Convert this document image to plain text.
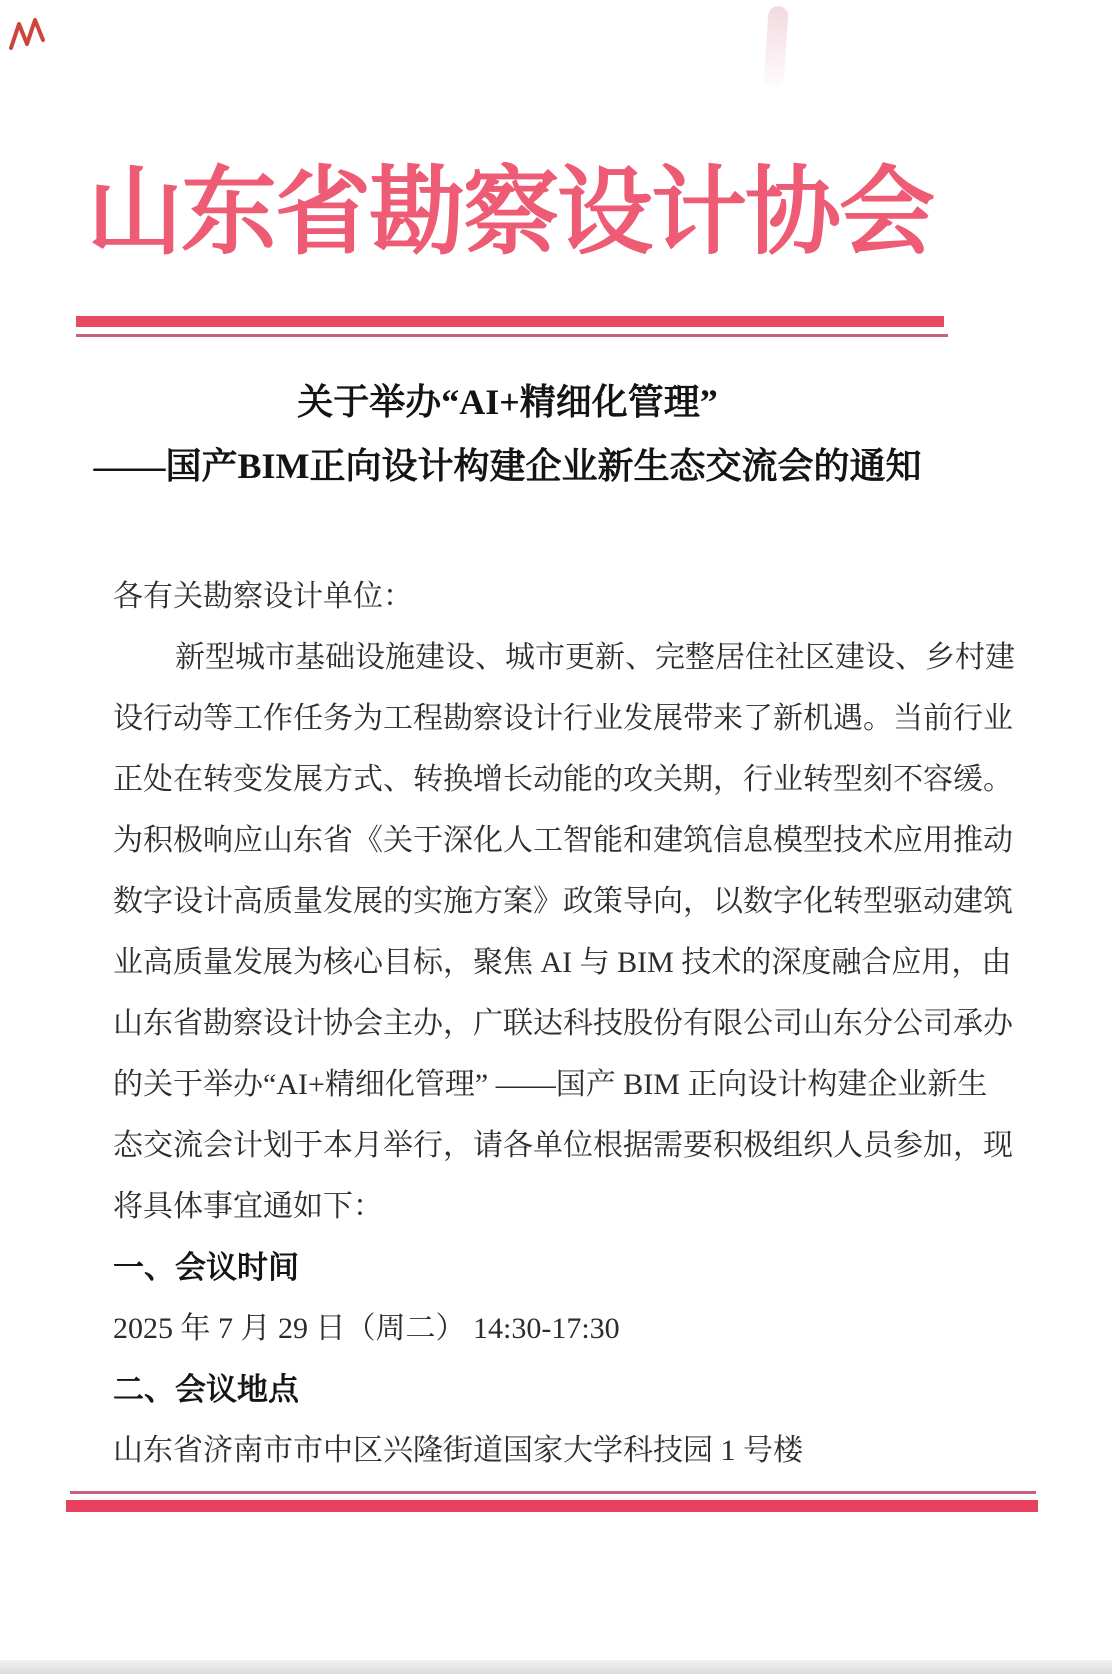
山东省勘察设计协会
关于举办“AI+精细化管理”
——国产BIM正向设计构建企业新生态交流会的通知
各有关勘察设计单位：
新型城市基础设施建设、城市更新、完整居住社区建设、乡村建
设行动等工作任务为工程勘察设计行业发展带来了新机遇。当前行业
正处在转变发展方式、转换增长动能的攻关期，行业转型刻不容缓。
为积极响应山东省《关于深化人工智能和建筑信息模型技术应用推动
数字设计高质量发展的实施方案》政策导向，以数字化转型驱动建筑
业高质量发展为核心目标，聚焦 AI 与 BIM 技术的深度融合应用，由
山东省勘察设计协会主办，广联达科技股份有限公司山东分公司承办
的关于举办“AI+精细化管理” ——国产 BIM 正向设计构建企业新生
态交流会计划于本月举行，请各单位根据需要积极组织人员参加，现
将具体事宜通如下：
一、会议时间
2025 年 7 月 29 日（周二） 14:30-17:30
二、会议地点
山东省济南市市中区兴隆街道国家大学科技园 1 号楼
